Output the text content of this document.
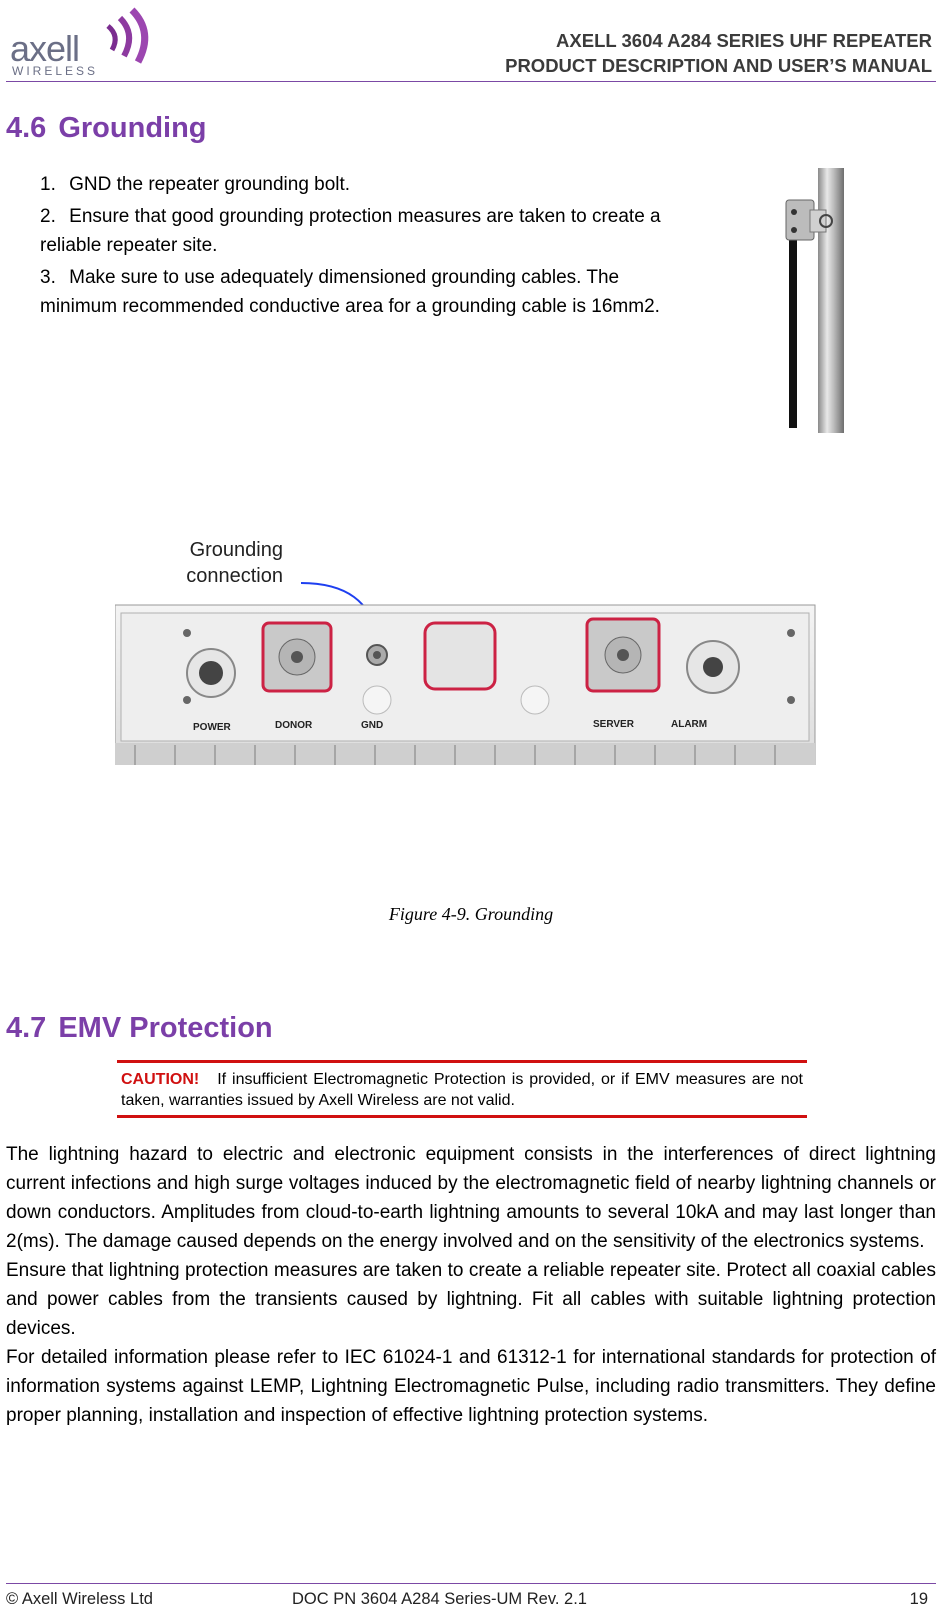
axell
WIRELESS
AXELL 3604 A284 SERIES UHF REPEATER
PRODUCT DESCRIPTION AND USER’S MANUAL
4.6 Grounding

1. GND the repeater grounding bolt.

2. Ensure that good grounding protection measures are taken to create a reliable repeater site.

3. Make sure to use adequately dimensioned grounding cables. The minimum recommended conductive area for a grounding cable is 16mm2.

Grounding
connection
POWER	DONOR	GND	SERVER	ALARM
Figure 4-9. Grounding
4.7 EMV Protection
CAUTION! If insufficient Electromagnetic Protection is provided, or if EMV measures are not taken, warranties issued by Axell Wireless are not valid.

The lightning hazard to electric and electronic equipment consists in the interferences of direct lightning current infections and high surge voltages induced by the electromagnetic field of nearby lightning channels or down conductors. Amplitudes from cloud-to-earth lightning amounts to several 10kA and may last longer than 2(ms). The damage caused depends on the energy involved and on the sensitivity of the electronics systems.

Ensure that lightning protection measures are taken to create a reliable repeater site. Protect all coaxial cables and power cables from the transients caused by lightning. Fit all cables with suitable lightning protection devices.

For detailed information please refer to IEC 61024-1 and 61312-1 for international standards for protection of information systems against LEMP, Lightning Electromagnetic Pulse, including radio transmitters. They define proper planning, installation and inspection of effective lightning protection systems.

© Axell Wireless Ltd	DOC PN 3604 A284 Series-UM Rev. 2.1	19
